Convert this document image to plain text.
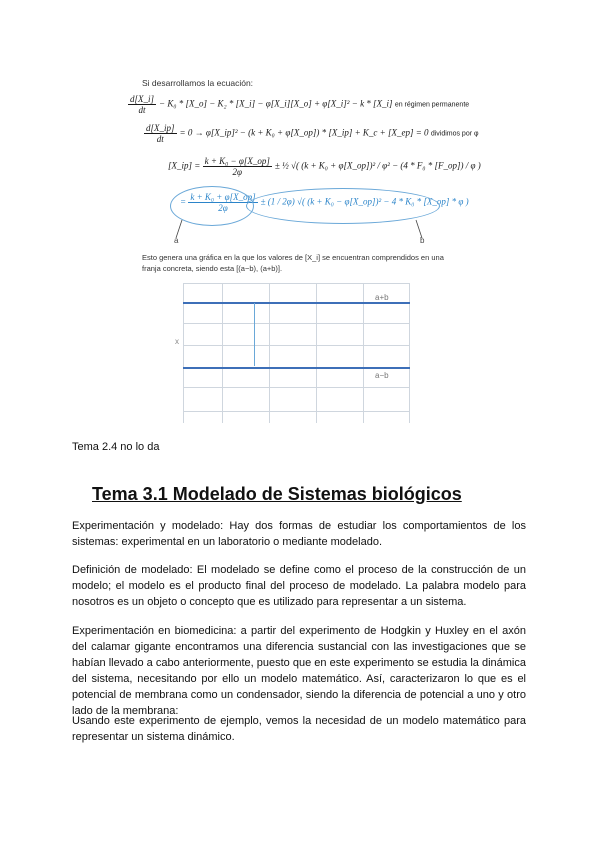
Si desarrollamos la ecuación:
$\frac{d[X\_i]}{dt} - K_0$ * [X_o] − K₂ * [X_i] − φ[X_i][X_o] + φ[X_i]² − k * [X_i] en régimen permanente
$\frac{d[X\_ip]}{dt} = 0$ → φ[X_ip]² − (k + K₀ + φ[X_op]) * [X_ip] + K_c + [X_ep] = 0 dividimos por φ
[X_ip] = $\frac{\text{k + K₀ − φ[X\_op]}}{2\varphi}$ ± ½ √( (k + K₀ + φ[X_op])² / φ² − (4 * F₀ * [F_op]) / φ )
= $\frac{\text{k + K₀ + φ[X\_op]}}{2\varphi} \pm (1 / 2\varphi)$ √( (k + K₀ − φ[X_op])² − 4 * K₀ * [X_op] * φ )
a	b
Esto genera una gráfica en la que los valores de [X_i] se encuentran comprendidos en una franja concreta, siendo esta [(a−b), (a+b)].
a+b
a−b
x
Tema 2.4 no lo da
Tema 3.1 Modelado de Sistemas biológicos
Experimentación y modelado: Hay dos formas de estudiar los comportamientos de los sistemas: experimental en un laboratorio o mediante modelado.
Definición de modelado: El modelado se define como el proceso de la construcción de un modelo; el modelo es el producto final del proceso de modelado. La palabra modelo para nosotros es un objeto o concepto que es utilizado para representar a un sistema.
Experimentación en biomedicina: a partir del experimento de Hodgkin y Huxley en el axón del calamar gigante encontramos una diferencia sustancial con las investigaciones que se habían llevado a cabo anteriormente, puesto que en este experimento se estudia la dinámica del sistema, necesitando por ello un modelo matemático. Así, caracterizaron lo que es el potencial de membrana como un condensador, siendo la diferencia de potencial a uno y otro lado de la membrana:
Usando este experimento de ejemplo, vemos la necesidad de un modelo matemático para representar un sistema dinámico.
